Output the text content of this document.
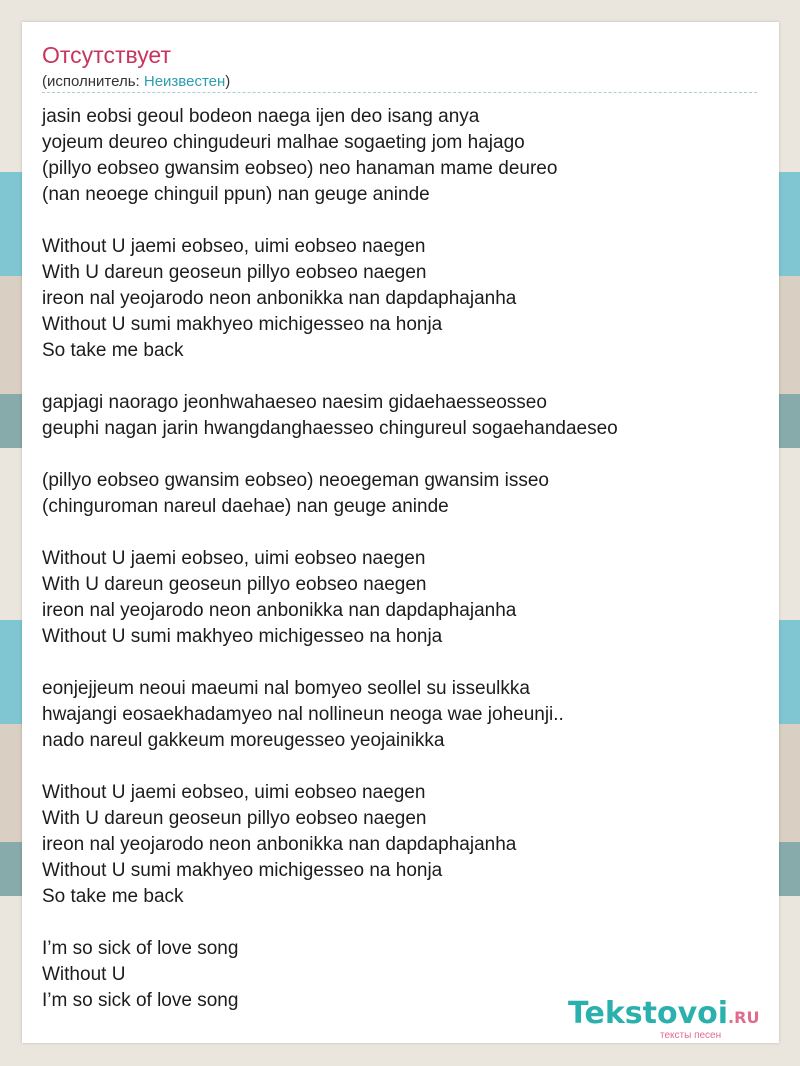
Отсутствует
(исполнитель: Неизвестен)
jasin eobsi geoul bodeon naega ijen deo isang anya
yojeum deureo chingudeuri malhae sogaeting jom hajago
(pillyo eobseo gwansim eobseo) neo hanaman mame deureo
(nan neoege chinguil ppun) nan geuge aninde
Without U jaemi eobseo, uimi eobseo naegen
With U dareun geoseun pillyo eobseo naegen
ireon nal yeojarodo neon anbonikka nan dapdaphajanha
Without U sumi makhyeo michigesseo na honja
So take me back
gapjagi naorago jeonhwahaeseo naesim gidaehaesseosseo
geuphi nagan jarin hwangdanghaesseo chingureul sogaehandaeseo
(pillyo eobseo gwansim eobseo) neoegeman gwansim isseo
(chinguroman nareul daehae) nan geuge aninde
Without U jaemi eobseo, uimi eobseo naegen
With U dareun geoseun pillyo eobseo naegen
ireon nal yeojarodo neon anbonikka nan dapdaphajanha
Without U sumi makhyeo michigesseo na honja
eonjejjeum neoui maeumi nal bomyeo seollel su isseulkka
hwajangi eosaekhadamyeo nal nollineun neoga wae joheunji..
nado nareul gakkeum moreugesseo yeojainikka
Without U jaemi eobseo, uimi eobseo naegen
With U dareun geoseun pillyo eobseo naegen
ireon nal yeojarodo neon anbonikka nan dapdaphajanha
Without U sumi makhyeo michigesseo na honja
So take me back
I’m so sick of love song
Without U
I’m so sick of love song	Tekstovoi.RU
тексты песен
